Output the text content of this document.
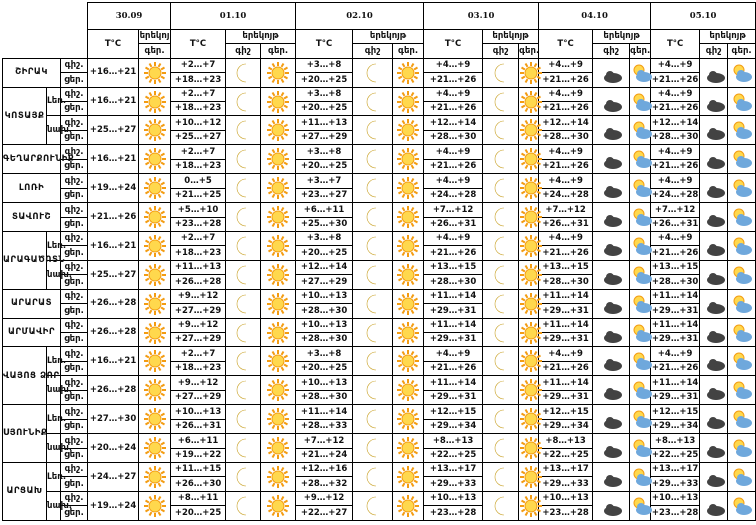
			30.09		01.10			02.10			03.10			04.10			05.10		
			T°C	երեկոյ	T°C	երեկոյթ		T°C	երեկոյթ		T°C	երեկոյթ		T°C	երեկոյթ		T°C	երեկոյթ	
				գեր.		գիշ	գեր.		գիշ	գեր.		գիշ	գեր.		գիշ	գեր.		գիշ	գեր.
ՇԻՐԱԿ		գիշ.	+16…+21		+2…+7			+3…+8			+4…+9			+4…+9			+4…+9		
		ցեր.			+18…+23			+20…+25			+21…+26			+21…+26			+21…+26		
ԿՈՏԱՅՔ	Լեռ.	գիշ.	+16…+21		+2…+7			+3…+8			+4…+9			+4…+9			+4…+9		
		ցեր.			+18…+23			+20…+25			+21…+26			+21…+26			+21…+26		
	նախ.	գիշ.	+25…+27		+10…+12			+11…+13			+12…+14			+12…+14			+12…+14		
		ցեր.			+25…+27			+27…+29			+28…+30			+28…+30			+28…+30		
ԳԵՂԱՐՔՈՒՆԻՔ		գիշ.	+16…+21		+2…+7			+3…+8			+4…+9			+4…+9			+4…+9		
		ցեր.			+18…+23			+20…+25			+21…+26			+21…+26			+21…+26		
ԼՈՌԻ		գիշ.	+19…+24		0…+5			+3…+7			+4…+9			+4…+9			+4…+9		
		ցեր.			+21…+25			+23…+27			+24…+28			+24…+28			+24…+28		
ՏԱՎՈՒՇ		գիշ.	+21…+26		+5…+10			+6…+11			+7…+12			+7…+12			+7…+12		
		ցեր.			+23…+28			+25…+30			+26…+31			+26…+31			+26…+31		
ԱՐԱԳԱԾՈՏՆ	Լեռ.	գիշ.	+16…+21		+2…+7			+3…+8			+4…+9			+4…+9			+4…+9		
		ցեր.			+18…+23			+20…+25			+21…+26			+21…+26			+21…+26		
	նախ.	գիշ.	+25…+27		+11…+13			+12…+14			+13…+15			+13…+15			+13…+15		
		ցեր.			+26…+28			+27…+29			+28…+30			+28…+30			+28…+30		
ԱՐԱՐԱՏ		գիշ.	+26…+28		+9…+12			+10…+13			+11…+14			+11…+14			+11…+14		
		ցեր.			+27…+29			+28…+30			+29…+31			+29…+31			+29…+31		
ԱՐՄԱՎԻՐ		գիշ.	+26…+28		+9…+12			+10…+13			+11…+14			+11…+14			+11…+14		
		ցեր.			+27…+29			+28…+30			+29…+31			+29…+31			+29…+31		
ՎԱՅՈՑ ՁՈՐ	Լեռ.	գիշ.	+16…+21		+2…+7			+3…+8			+4…+9			+4…+9			+4…+9		
		ցեր.			+18…+23			+20…+25			+21…+26			+21…+26			+21…+26		
	նախ.	գիշ.	+26…+28		+9…+12			+10…+13			+11…+14			+11…+14			+11…+14		
		ցեր.			+27…+29			+28…+30			+29…+31			+29…+31			+29…+31		
ՍՅՈՒՆԻՔ	Լեռ.	գիշ.	+27…+30		+10…+13			+11…+14			+12…+15			+12…+15			+12…+15		
		ցեր.			+26…+31			+28…+33			+29…+34			+29…+34			+29…+34		
	նախ.	գիշ.	+20…+24		+6…+11			+7…+12			+8…+13			+8…+13			+8…+13		
		ցեր.			+19…+22			+21…+24			+22…+25			+22…+25			+22…+25		
ԱՐՑԱԽ	Լեռ.	գիշ.	+24…+27		+11…+15			+12…+16			+13…+17			+13…+17			+13…+17		
		ցեր.			+26…+30			+28…+32			+29…+33			+29…+33			+29…+33		
	նախ.	գիշ.	+19…+24		+8…+11			+9…+12			+10…+13			+10…+13			+10…+13		
		ցեր.			+20…+25			+22…+27			+23…+28			+23…+28			+23…+28		
